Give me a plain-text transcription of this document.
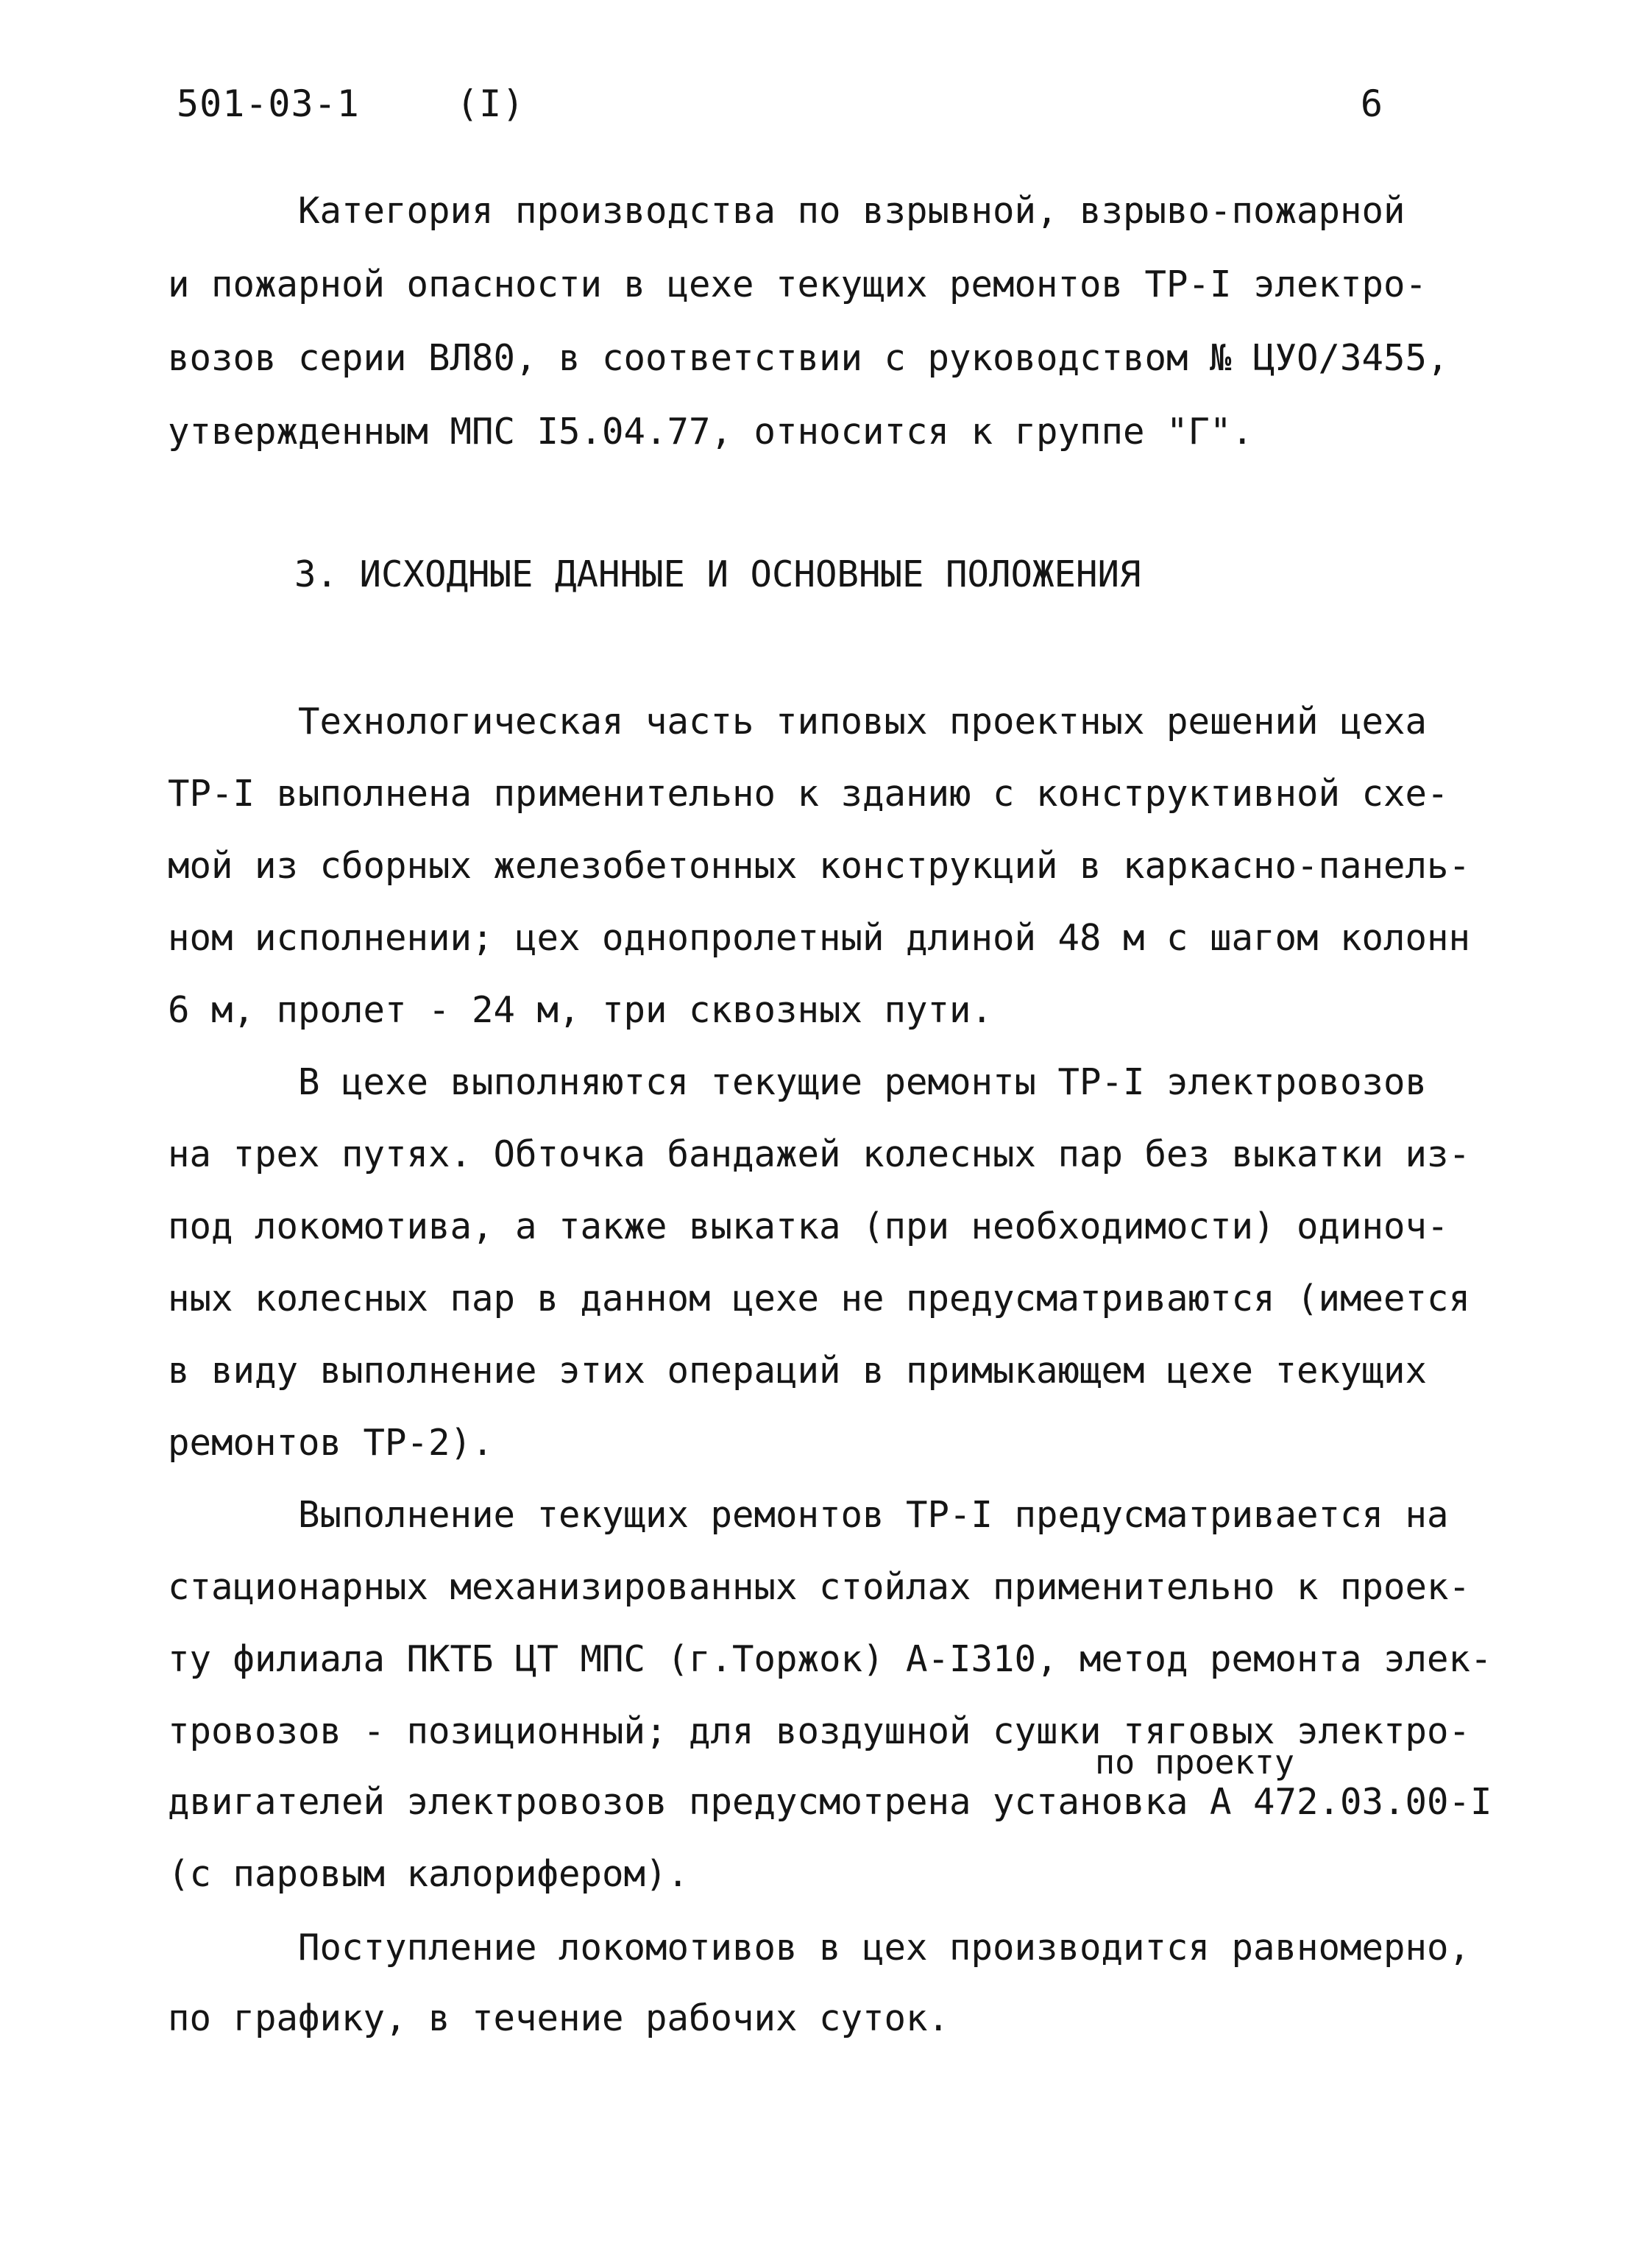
501-03-1	(I)	6
Категория производства по взрывной, взрыво-пожарной
и пожарной опасности в цехе текущих ремонтов ТР-I электро-
возов серии ВЛ80, в соответствии с руководством № ЦУО/3455,
утвержденным МПС I5.04.77, относится к группе "Г".
3. ИСХОДНЫЕ ДАННЫЕ И ОСНОВНЫЕ ПОЛОЖЕНИЯ
Технологическая часть типовых проектных решений цеха
ТР-I выполнена применительно к зданию с конструктивной схе-
мой из сборных железобетонных конструкций в каркасно-панель-
ном исполнении; цех однопролетный длиной 48 м с шагом колонн
6 м, пролет - 24 м, три сквозных пути.
В цехе выполняются текущие ремонты ТР-I электровозов
на трех путях. Обточка бандажей колесных пар без выкатки из-
под локомотива, а также выкатка (при необходимости) одиноч-
ных колесных пар в данном цехе не предусматриваются (имеется
в виду выполнение этих операций в примыкающем цехе текущих
ремонтов ТР-2).
Выполнение текущих ремонтов ТР-I предусматривается на
стационарных механизированных стойлах применительно к проек-
ту филиала ПКТБ ЦТ МПС (г.Торжок) А-I310, метод ремонта элек-
тровозов - позиционный; для воздушной сушки тяговых электро-
по проекту
двигателей электровозов предусмотрена установка А 472.03.00-I
(с паровым калорифером).
Поступление локомотивов в цех производится равномерно,
по графику, в течение рабочих суток.
